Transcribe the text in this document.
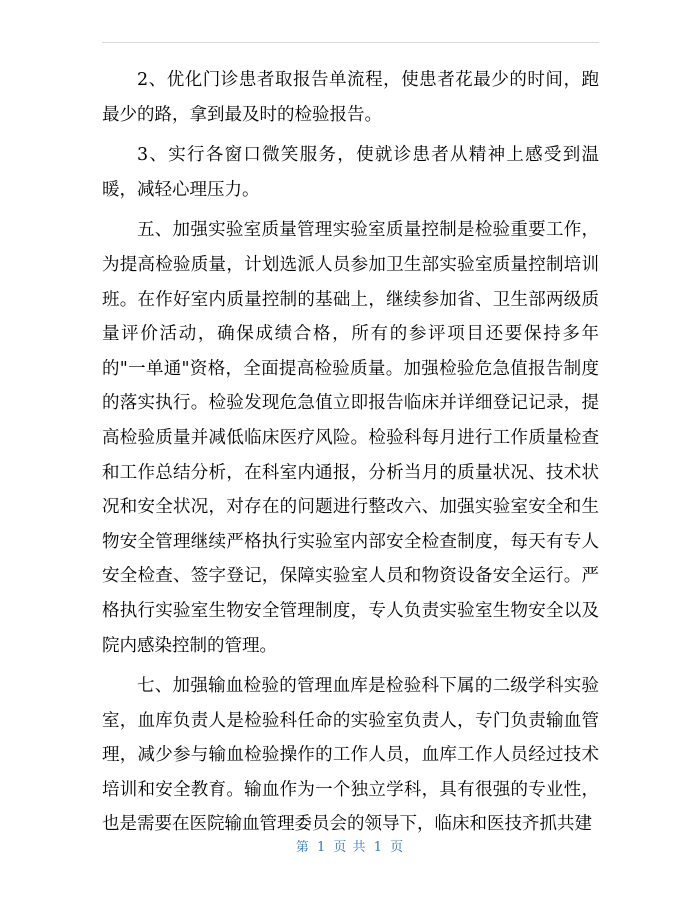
2、优化门诊患者取报告单流程，使患者花最少的时间，跑最少的路，拿到最及时的检验报告。

3、实行各窗口微笑服务，使就诊患者从精神上感受到温暖，减轻心理压力。

五、加强实验室质量管理实验室质量控制是检验重要工作，为提高检验质量，计划选派人员参加卫生部实验室质量控制培训班。在作好室内质量控制的基础上，继续参加省、卫生部两级质量评价活动，确保成绩合格，所有的参评项目还要保持多年的"一单通"资格，全面提高检验质量。加强检验危急值报告制度的落实执行。检验发现危急值立即报告临床并详细登记记录，提高检验质量并减低临床医疗风险。检验科每月进行工作质量检查和工作总结分析，在科室内通报，分析当月的质量状况、技术状况和安全状况，对存在的问题进行整改六、加强实验室安全和生物安全管理继续严格执行实验室内部安全检查制度，每天有专人安全检查、签字登记，保障实验室人员和物资设备安全运行。严格执行实验室生物安全管理制度，专人负责实验室生物安全以及院内感染控制的管理。

七、加强输血检验的管理血库是检验科下属的二级学科实验室，血库负责人是检验科任命的实验室负责人，专门负责输血管理，减少参与输血检验操作的工作人员，血库工作人员经过技术培训和安全教育。输血作为一个独立学科，具有很强的专业性，也是需要在医院输血管理委员会的领导下，临床和医技齐抓共建

第 1 页 共 1 页
